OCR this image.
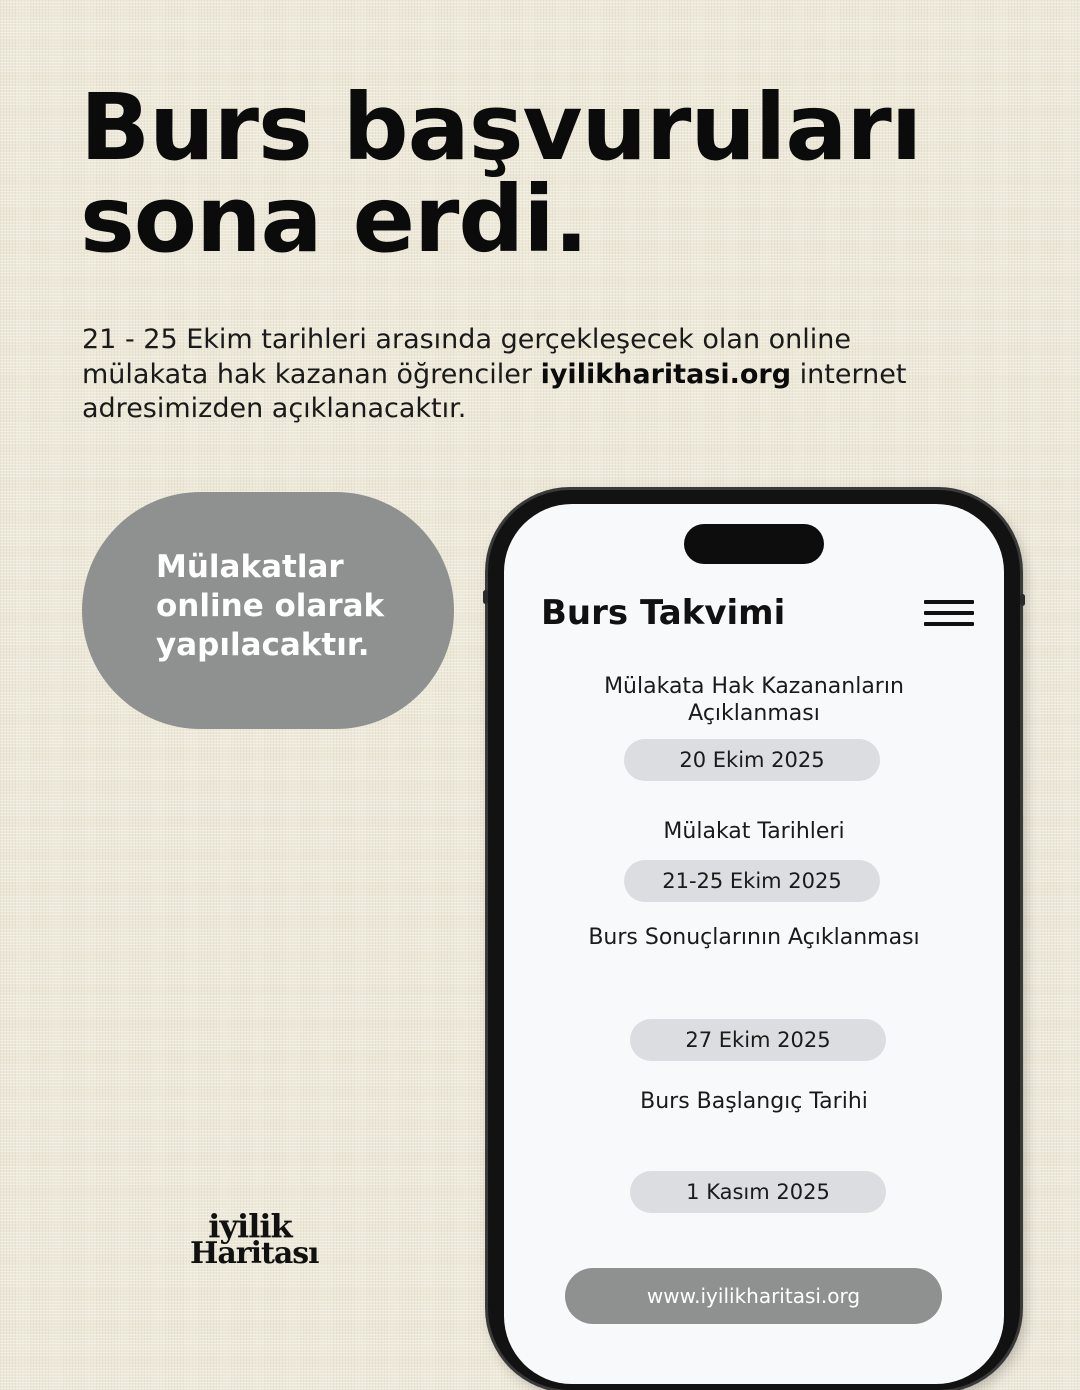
Burs başvuruları
sona erdi.

21 - 25 Ekim tarihleri arasında gerçekleşecek olan online mülakata hak kazanan öğrenciler iyilikharitasi.org internet adresimizden açıklanacaktır.

Mülakatlar online olarak yapılacaktır.
iyilik
Haritası
Burs Takvimi
Mülakata Hak Kazananların Açıklanması
20 Ekim 2025
Mülakat Tarihleri
21-25 Ekim 2025
Burs Sonuçlarının Açıklanması
27 Ekim 2025
Burs Başlangıç Tarihi
1 Kasım 2025
www.iyilikharitasi.org
